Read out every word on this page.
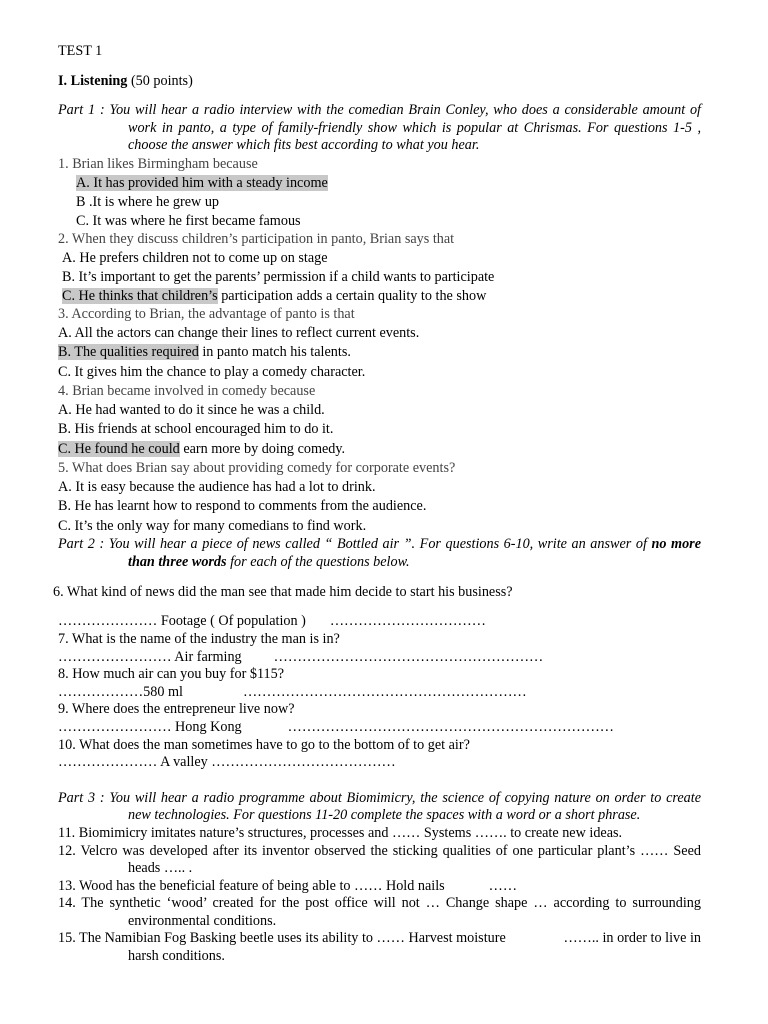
TEST 1
I. Listening (50 points)
Part 1 : You will hear a radio interview with the comedian Brain Conley, who does a considerable amount of
work in panto, a type of family-friendly show which is popular at Chrismas. For questions 1-5 ,
choose the answer which fits best according to what you hear.
1. Brian likes Birmingham because
A. It has provided him with a steady income
B .It is where he grew up
C. It was where he first became famous
2. When they discuss children’s participation in panto, Brian says that
A. He prefers children not to come up on stage
B. It’s important to get the parents’ permission if a child wants to participate
C. He thinks that children’s participation adds a certain quality to the show
3. According to Brian, the advantage of panto is that
A. All the actors can change their lines to reflect current events.
B. The qualities required in panto match his talents.
C. It gives him the chance to play a comedy character.
4. Brian became involved in comedy because
A. He had wanted to do it since he was a child.
B. His friends at school encouraged him to do it.
C. He found he could earn more by doing comedy.
5. What does Brian say about providing comedy for corporate events?
A. It is easy because the audience has had a lot to drink.
B. He has learnt how to respond to comments from the audience.
C. It’s the only way for many comedians to find work.
Part 2 : You will hear a piece of news called “ Bottled air ”. For questions 6-10, write an answer of no more
than three words for each of the questions below.
6. What kind of news did the man see that made him decide to start his business?
………………… Footage ( Of population ) ……………………………
7. What is the name of the industry the man is in?
…………………… Air farming …………………………………………………
8. How much air can you buy for $115?
………………580 ml	……………………………………………………
9. Where does the entrepreneur live now?
…………………… Hong Kong	……………………………………………………………
10. What does the man sometimes have to go to the bottom of to get air?
………………… A valley …………………………………
Part 3 : You will hear a radio programme about Biomimicry, the science of copying nature on order to create
new technologies. For questions 11-20 complete the spaces with a word or a short phrase.
11. Biomimicry imitates nature’s structures, processes and …… Systems ……. to create new ideas.
12. Velcro was developed after its inventor observed the sticking qualities of one particular plant’s …… Seed
heads ….. .
13. Wood has the beneficial feature of being able to …… Hold nails	……
14. The synthetic ‘wood’ created for the post office will not … Change shape … according to surrounding
environmental conditions.
15. The Namibian Fog Basking beetle uses its ability to …… Harvest moisture	…….. in order to live in
harsh conditions.
